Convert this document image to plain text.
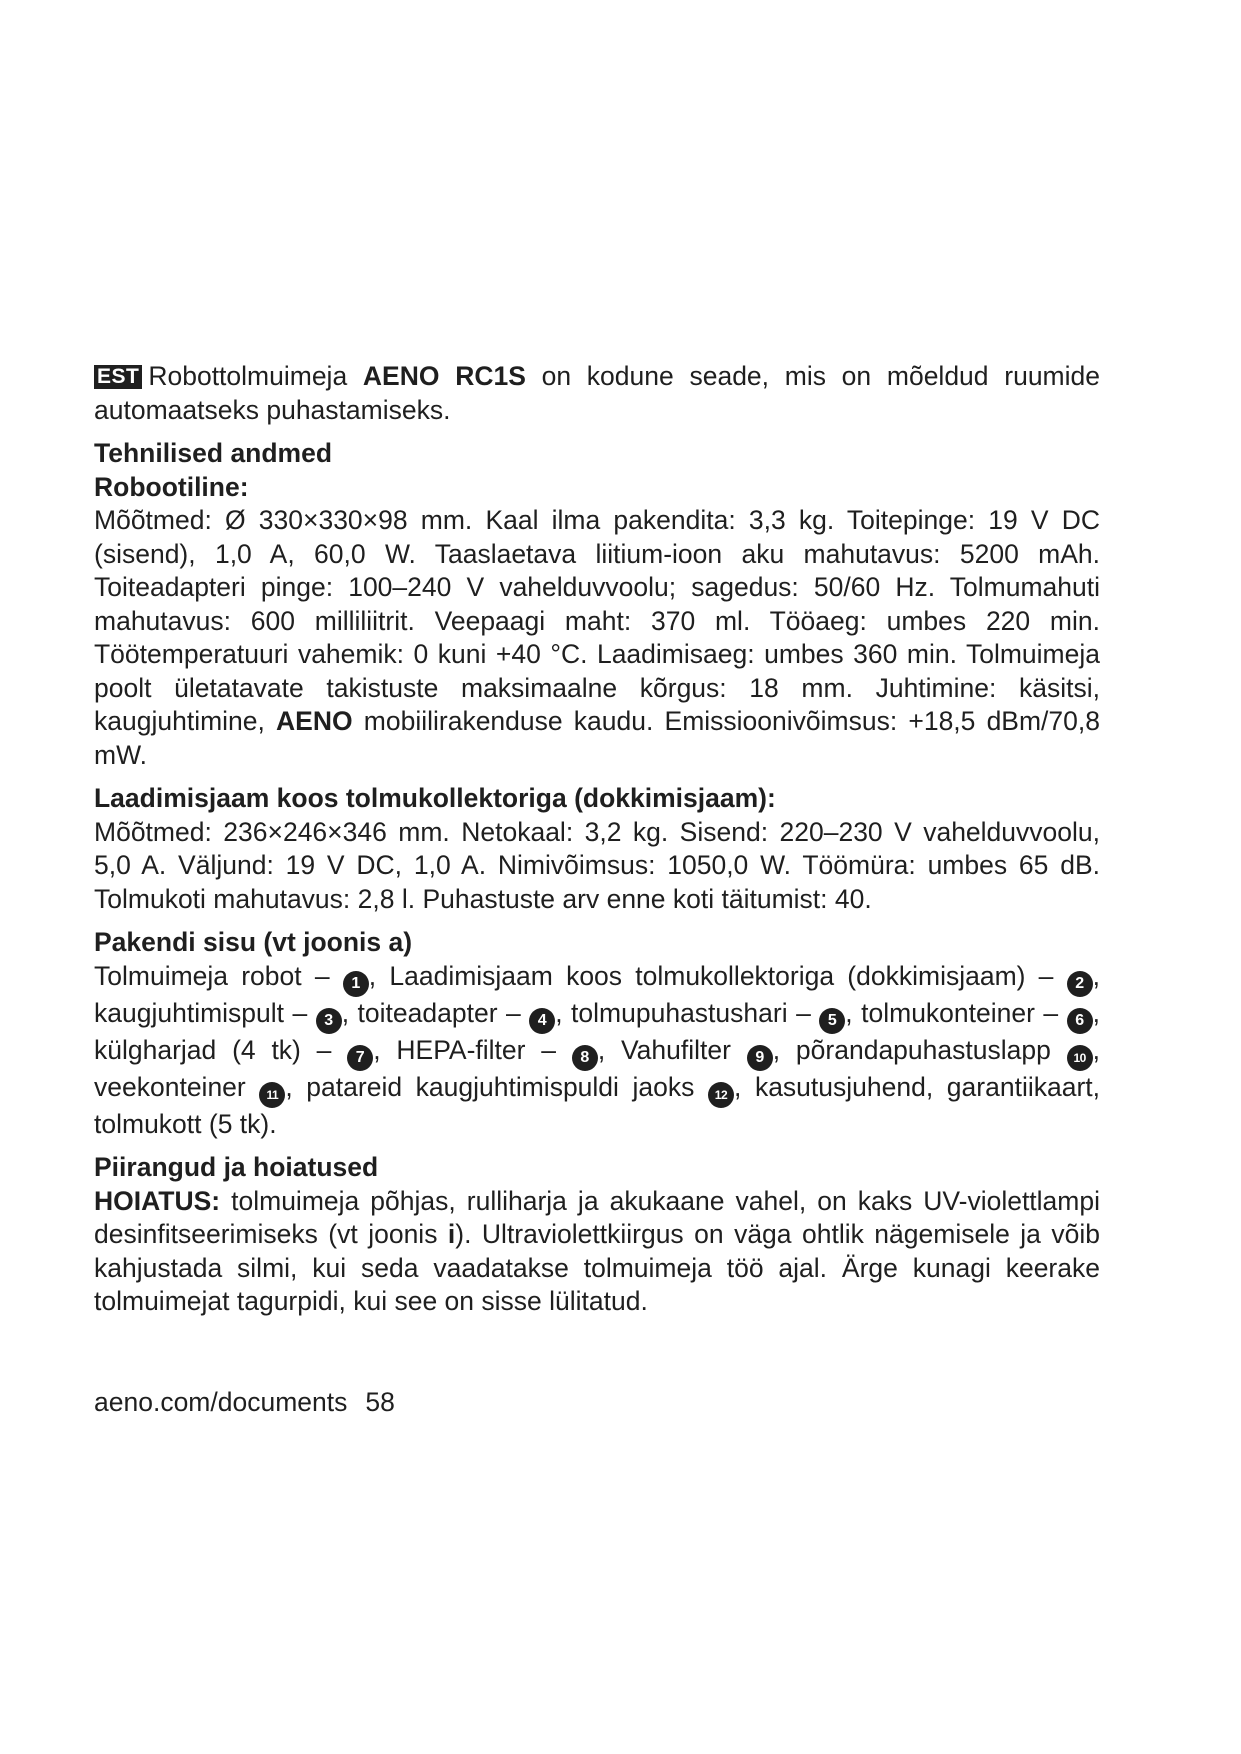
EST Robottolmuimeja AENO RC1S on kodune seade, mis on mõeldud ruumide automaatseks puhastamiseks.

Tehnilised andmed
Robootiline:

Mõõtmed: Ø 330×330×98 mm. Kaal ilma pakendita: 3,3 kg. Toitepinge: 19 V DC (sisend), 1,0 A, 60,0 W. Taaslaetava liitium-ioon aku mahutavus: 5200 mAh. Toiteadapteri pinge: 100–240 V vahelduvvoolu; sagedus: 50/60 Hz. Tolmumahuti mahutavus: 600 milliliitrit. Veepaagi maht: 370 ml. Tööaeg: umbes 220 min. Töötemperatuuri vahemik: 0 kuni +40 °C. Laadimisaeg: umbes 360 min. Tolmuimeja poolt ületatavate takistuste maksimaalne kõrgus: 18 mm. Juhtimine: käsitsi, kaugjuhtimine, AENO mobiilirakenduse kaudu. Emissioonivõimsus: +18,5 dBm/70,8 mW.

Laadimisjaam koos tolmukollektoriga (dokkimisjaam):

Mõõtmed: 236×246×346 mm. Netokaal: 3,2 kg. Sisend: 220–230 V vahelduvvoolu, 5,0 A. Väljund: 19 V DC, 1,0 A. Nimivõimsus: 1050,0 W. Töömüra: umbes 65 dB. Tolmukoti mahutavus: 2,8 l. Puhastuste arv enne koti täitumist: 40.

Pakendi sisu (vt joonis a)

Tolmuimeja robot – 1 , Laadimisjaam koos tolmukollektoriga (dokkimisjaam) – 2 , kaugjuhtimispult – 3 , toiteadapter – 4 , tolmupuhastushari – 5 , tolmukonteiner – 6 , külgharjad (4 tk) – 7 , HEPA-filter – 8 , Vahufilter 9 , põrandapuhastuslapp 10 , veekonteiner 11 , patareid kaugjuhtimispuldi jaoks 12 , kasutusjuhend, garantiikaart, tolmukott (5 tk).

Piirangud ja hoiatused

HOIATUS: tolmuimeja põhjas, rulliharja ja akukaane vahel, on kaks UV-violettlampi desinfitseerimiseks (vt joonis i). Ultraviolettkiirgus on väga ohtlik nägemisele ja võib kahjustada silmi, kui seda vaadatakse tolmuimeja töö ajal. Ärge kunagi keerake tolmuimejat tagurpidi, kui see on sisse lülitatud.

aeno.com/documents 58
